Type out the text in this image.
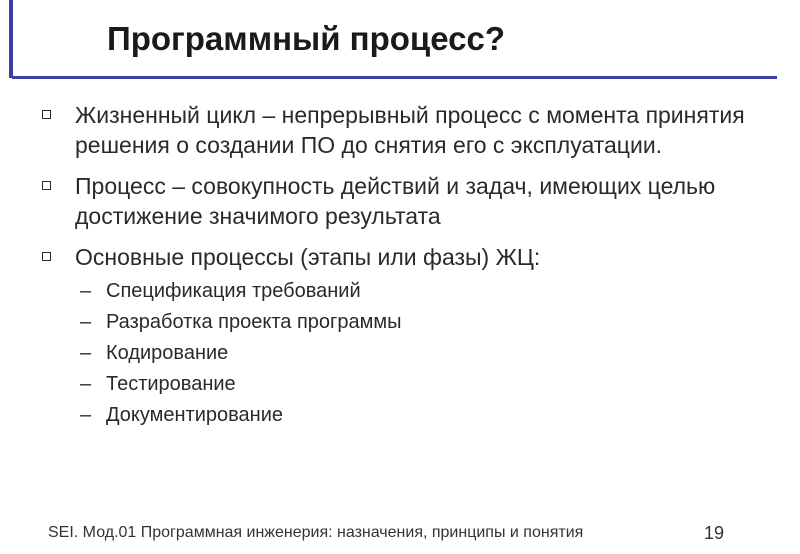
Программный процесс?
Жизненный цикл – непрерывный процесс с момента принятия решения о создании ПО до снятия его с эксплуатации.
Процесс – совокупность действий и задач, имеющих целью достижение значимого результата
Основные процессы (этапы или фазы) ЖЦ:
– Спецификация требований
– Разработка проекта программы
– Кодирование
– Тестирование
– Документирование
SEI. Мод.01 Программная инженерия: назначения, принципы и понятия	19
